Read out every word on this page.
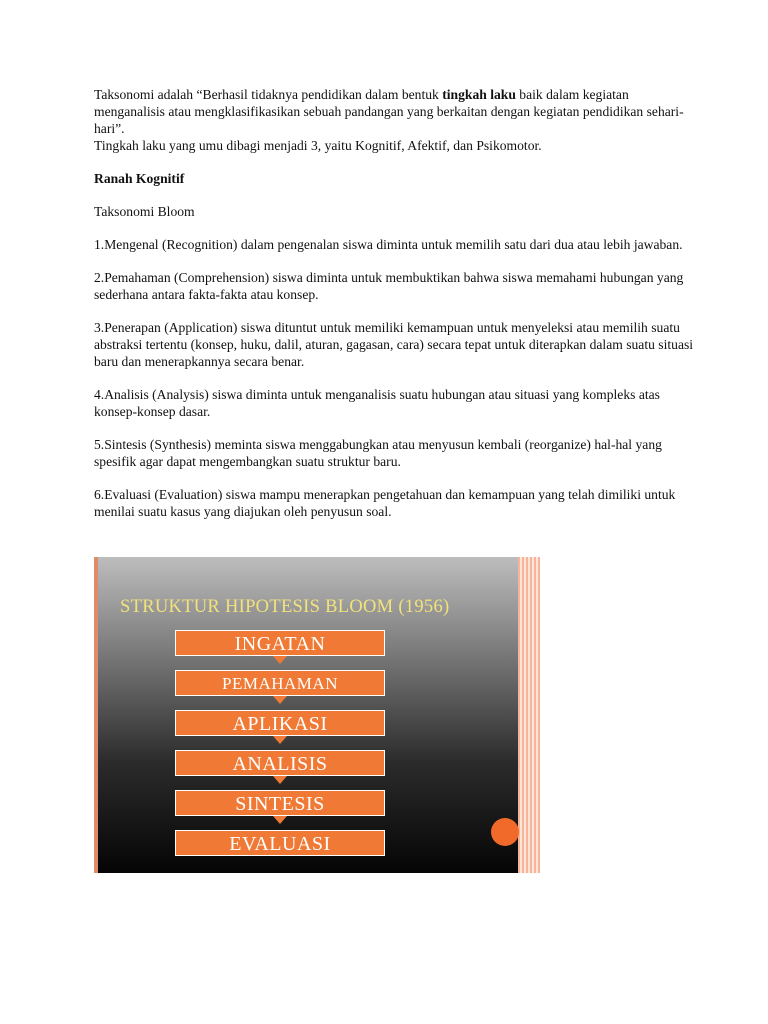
Taksonomi adalah “Berhasil tidaknya pendidikan dalam bentuk tingkah laku baik dalam kegiatan menganalisis atau mengklasifikasikan sebuah pandangan yang berkaitan dengan kegiatan pendidikan sehari-hari”.

Tingkah laku yang umu dibagi menjadi 3, yaitu Kognitif, Afektif, dan Psikomotor.

Ranah Kognitif

Taksonomi Bloom

1.Mengenal (Recognition) dalam pengenalan siswa diminta untuk memilih satu dari dua atau lebih jawaban.

2.Pemahaman (Comprehension) siswa diminta untuk membuktikan bahwa siswa memahami hubungan yang sederhana antara fakta-fakta atau konsep.

3.Penerapan (Application) siswa dituntut untuk memiliki kemampuan untuk menyeleksi atau memilih suatu abstraksi tertentu (konsep, huku, dalil, aturan, gagasan, cara) secara tepat untuk diterapkan dalam suatu situasi baru dan menerapkannya secara benar.

4.Analisis (Analysis) siswa diminta untuk menganalisis suatu hubungan atau situasi yang kompleks atas konsep-konsep dasar.

5.Sintesis (Synthesis) meminta siswa menggabungkan atau menyusun kembali (reorganize) hal-hal yang spesifik agar dapat mengembangkan suatu struktur baru.

6.Evaluasi (Evaluation) siswa mampu menerapkan pengetahuan dan kemampuan yang telah dimiliki untuk menilai suatu kasus yang diajukan oleh penyusun soal.

STRUKTUR HIPOTESIS BLOOM (1956)
INGATAN
PEMAHAMAN
APLIKASI
ANALISIS
SINTESIS
EVALUASI
